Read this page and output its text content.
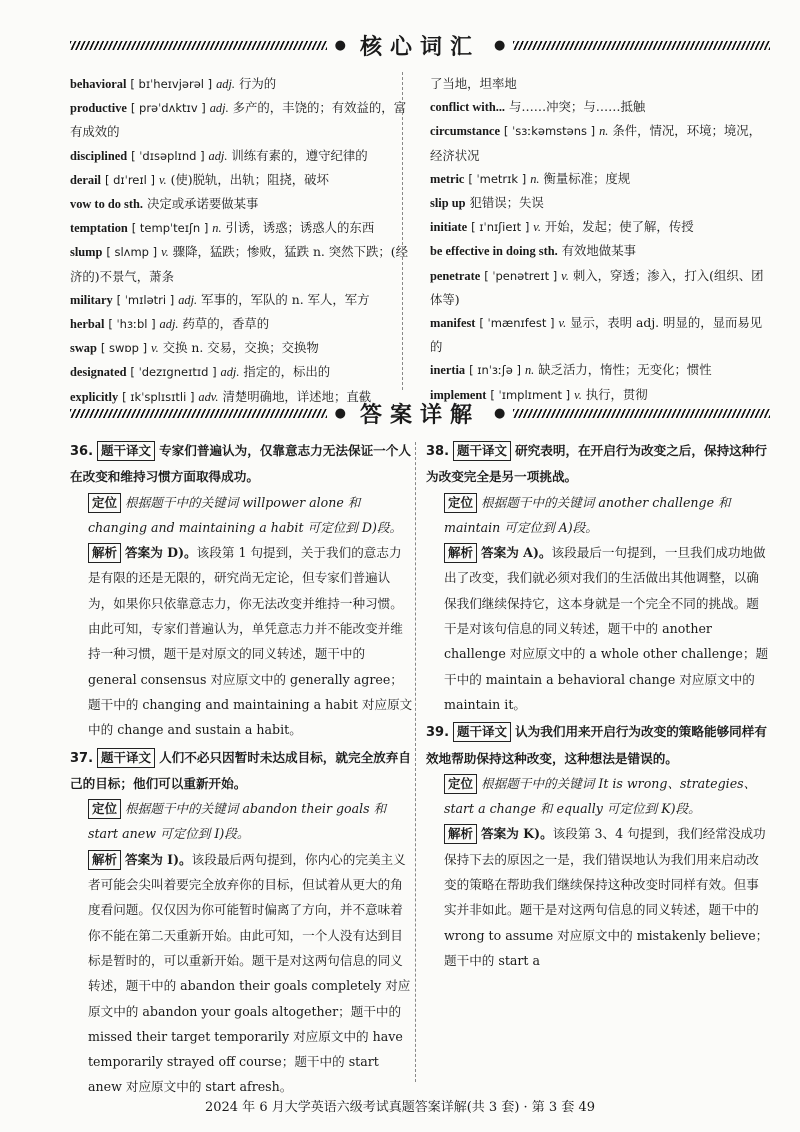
● 核心词汇	●
behavioral [ bɪˈheɪvjərəl ] adj. 行为的
productive [ prəˈdʌktɪv ] adj. 多产的，丰饶的；有效益的，富有成效的
disciplined [ ˈdɪsəplɪnd ] adj. 训练有素的，遵守纪律的
derail [ dɪˈreɪl ] v. (使)脱轨，出轨；阻挠，破坏
vow to do sth. 决定或承诺要做某事
temptation [ tempˈteɪʃn ] n. 引诱，诱惑；诱惑人的东西
slump [ slʌmp ] v. 骤降，猛跌；惨败，猛跌 n. 突然下跌；(经济的)不景气，萧条
military [ ˈmɪlətri ] adj. 军事的，军队的 n. 军人，军方
herbal [ ˈhɜːbl ] adj. 药草的，香草的
swap [ swɒp ] v. 交换 n. 交易，交换；交换物
designated [ ˈdezɪgneɪtɪd ] adj. 指定的，标出的
explicitly [ ɪkˈsplɪsɪtli ] adv. 清楚明确地，详述地；直截
了当地，坦率地
conflict with... 与……冲突；与……抵触
circumstance [ ˈsɜːkəmstəns ] n. 条件，情况，环境；境况，经济状况
metric [ ˈmetrɪk ] n. 衡量标准；度规
slip up 犯错误；失误
initiate [ ɪˈnɪʃieɪt ] v. 开始，发起；使了解，传授
be effective in doing sth. 有效地做某事
penetrate [ ˈpenətreɪt ] v. 刺入，穿透；渗入，打入(组织、团体等)
manifest [ ˈmænɪfest ] v. 显示，表明 adj. 明显的，显而易见的
inertia [ ɪnˈɜːʃə ] n. 缺乏活力，惰性；无变化；惯性
implement [ ˈɪmplɪment ] v. 执行，贯彻
● 答案详解	●
36. 题干译文 专家们普遍认为，仅靠意志力无法保证一个人在改变和维持习惯方面取得成功。
定位 根据题干中的关键词 willpower alone 和 changing and maintaining a habit 可定位到 D)段。
解析 答案为 D)。该段第 1 句提到，关于我们的意志力是有限的还是无限的，研究尚无定论，但专家们普遍认为，如果你只依靠意志力，你无法改变并维持一种习惯。由此可知，专家们普遍认为，单凭意志力并不能改变并维持一种习惯，题干是对原文的同义转述，题干中的 general consensus 对应原文中的 generally agree；题干中的 changing and maintaining a habit 对应原文中的 change and sustain a habit。
37. 题干译文 人们不必只因暂时未达成目标，就完全放弃自己的目标；他们可以重新开始。
定位 根据题干中的关键词 abandon their goals 和 start anew 可定位到 I)段。
解析 答案为 I)。该段最后两句提到，你内心的完美主义者可能会尖叫着要完全放弃你的目标，但试着从更大的角度看问题。仅仅因为你可能暂时偏离了方向，并不意味着你不能在第二天重新开始。由此可知，一个人没有达到目标是暂时的，可以重新开始。题干是对这两句信息的同义转述，题干中的 abandon their goals completely 对应原文中的 abandon your goals altogether；题干中的 missed their target temporarily 对应原文中的 have temporarily strayed off course；题干中的 start anew 对应原文中的 start afresh。
38. 题干译文 研究表明，在开启行为改变之后，保持这种行为改变完全是另一项挑战。
定位 根据题干中的关键词 another challenge 和 maintain 可定位到 A)段。
解析 答案为 A)。该段最后一句提到，一旦我们成功地做出了改变，我们就必须对我们的生活做出其他调整，以确保我们继续保持它，这本身就是一个完全不同的挑战。题干是对该句信息的同义转述，题干中的 another challenge 对应原文中的 a whole other challenge；题干中的 maintain a behavioral change 对应原文中的 maintain it。
39. 题干译文 认为我们用来开启行为改变的策略能够同样有效地帮助保持这种改变，这种想法是错误的。
定位 根据题干中的关键词 It is wrong、strategies、start a change 和 equally 可定位到 K)段。
解析 答案为 K)。该段第 3、4 句提到，我们经常没成功保持下去的原因之一是，我们错误地认为我们用来启动改变的策略在帮助我们继续保持这种改变时同样有效。但事实并非如此。题干是对这两句信息的同义转述，题干中的 wrong to assume 对应原文中的 mistakenly believe；题干中的 start a
2024 年 6 月大学英语六级考试真题答案详解(共 3 套) · 第 3 套 49
